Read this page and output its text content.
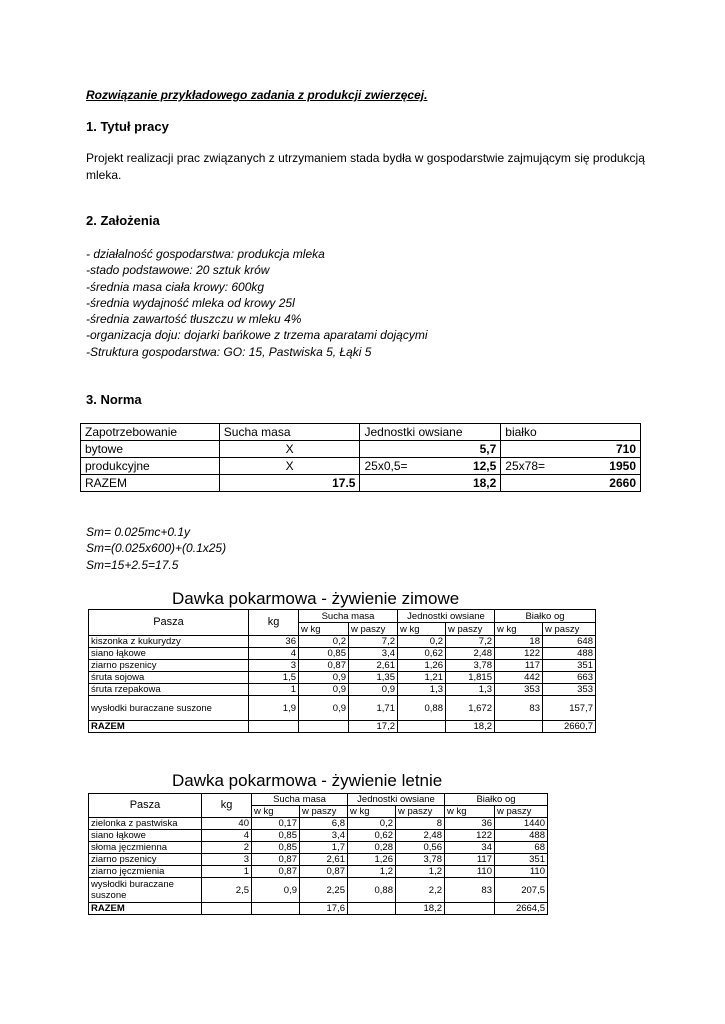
Rozwiązanie przykładowego zadania z produkcji zwierzęcej.
1. Tytuł pracy
Projekt realizacji prac związanych z utrzymaniem stada bydła w gospodarstwie zajmującym się produkcją mleka.
2. Założenia
- działalność gospodarstwa: produkcja mleka
-stado podstawowe: 20 sztuk krów
-średnia masa ciała krowy: 600kg
-średnia wydajność mleka od krowy 25l
-średnia zawartość tłuszczu w mleku 4%
-organizacja doju: dojarki bańkowe z trzema aparatami dojącymi
-Struktura gospodarstwa: GO: 15, Pastwiska 5, Łąki 5
3. Norma
Zapotrzebowanie	Sucha masa	Jednostki owsiane	białko
bytowe	X	5,7	710

produkcyjne	X	25x0,5= 12,5	25x78= 1950

RAZEM	17.5	18,2	2660
Sm= 0.025mc+0.1y
Sm=(0.025x600)+(0.1x25)
Sm=15+2.5=17.5
Dawka pokarmowa - żywienie zimowe
Pasza	kg	Sucha masa		Jednostki owsiane		Białko og	
		w kg	w paszy	w kg	w paszy	w kg	w paszy
kiszonka z kukurydzy	36	0,2	7,2	0,2	7,2	18	648
siano łąkowe	4	0,85	3,4	0,62	2,48	122	488
ziarno pszenicy	3	0,87	2,61	1,26	3,78	117	351
śruta sojowa	1,5	0,9	1,35	1,21	1,815	442	663
śruta rzepakowa	1	0,9	0,9	1,3	1,3	353	353
wysłodki buraczane suszone	1,9	0,9	1,71	0,88	1,672	83	157,7
RAZEM			17,2		18,2		2660,7
Dawka pokarmowa - żywienie letnie
Pasza	kg	Sucha masa		Jednostki owsiane		Białko og	
		w kg	w paszy	w kg	w paszy	w kg	w paszy
zielonka z pastwiska	40	0,17	6,8	0,2	8	36	1440
siano łąkowe	4	0,85	3,4	0,62	2,48	122	488
słoma jęczmienna	2	0,85	1,7	0,28	0,56	34	68
ziarno pszenicy	3	0,87	2,61	1,26	3,78	117	351
ziarno jęczmienia	1	0,87	0,87	1,2	1,2	110	110
wysłodki buraczane suszone	2,5	0,9	2,25	0,88	2,2	83	207,5
RAZEM			17,6		18,2		2664,5
